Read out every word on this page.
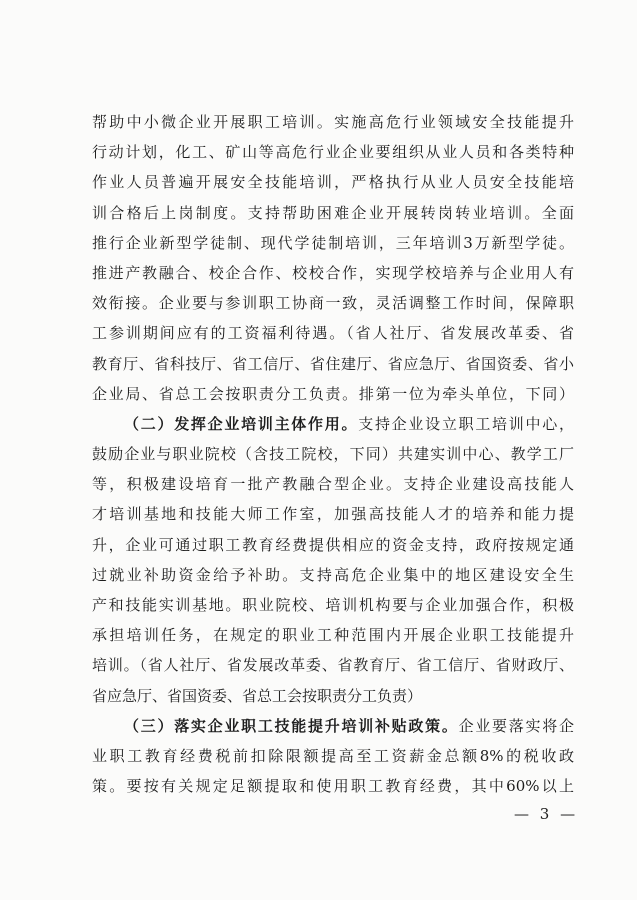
帮助中小微企业开展职工培训。实施高危行业领域安全技能提升
行动计划，化工、矿山等高危行业企业要组织从业人员和各类特种
作业人员普遍开展安全技能培训，严格执行从业人员安全技能培
训合格后上岗制度。支持帮助困难企业开展转岗转业培训。全面
推行企业新型学徒制、现代学徒制培训，三年培训3万新型学徒。
推进产教融合、校企合作、校校合作，实现学校培养与企业用人有
效衔接。企业要与参训职工协商一致，灵活调整工作时间，保障职
工参训期间应有的工资福利待遇。（省人社厅、省发展改革委、省
教育厅、省科技厅、省工信厅、省住建厅、省应急厅、省国资委、省小
企业局、省总工会按职责分工负责。排第一位为牵头单位，下同）
（二）发挥企业培训主体作用。支持企业设立职工培训中心，
鼓励企业与职业院校（含技工院校，下同）共建实训中心、教学工厂
等，积极建设培育一批产教融合型企业。支持企业建设高技能人
才培训基地和技能大师工作室，加强高技能人才的培养和能力提
升，企业可通过职工教育经费提供相应的资金支持，政府按规定通
过就业补助资金给予补助。支持高危企业集中的地区建设安全生
产和技能实训基地。职业院校、培训机构要与企业加强合作，积极
承担培训任务，在规定的职业工种范围内开展企业职工技能提升
培训。（省人社厅、省发展改革委、省教育厅、省工信厅、省财政厅、
省应急厅、省国资委、省总工会按职责分工负责）
（三）落实企业职工技能提升培训补贴政策。企业要落实将企
业职工教育经费税前扣除限额提高至工资薪金总额8%的税收政
策。要按有关规定足额提取和使用职工教育经费，其中60%以上
— 3 —
